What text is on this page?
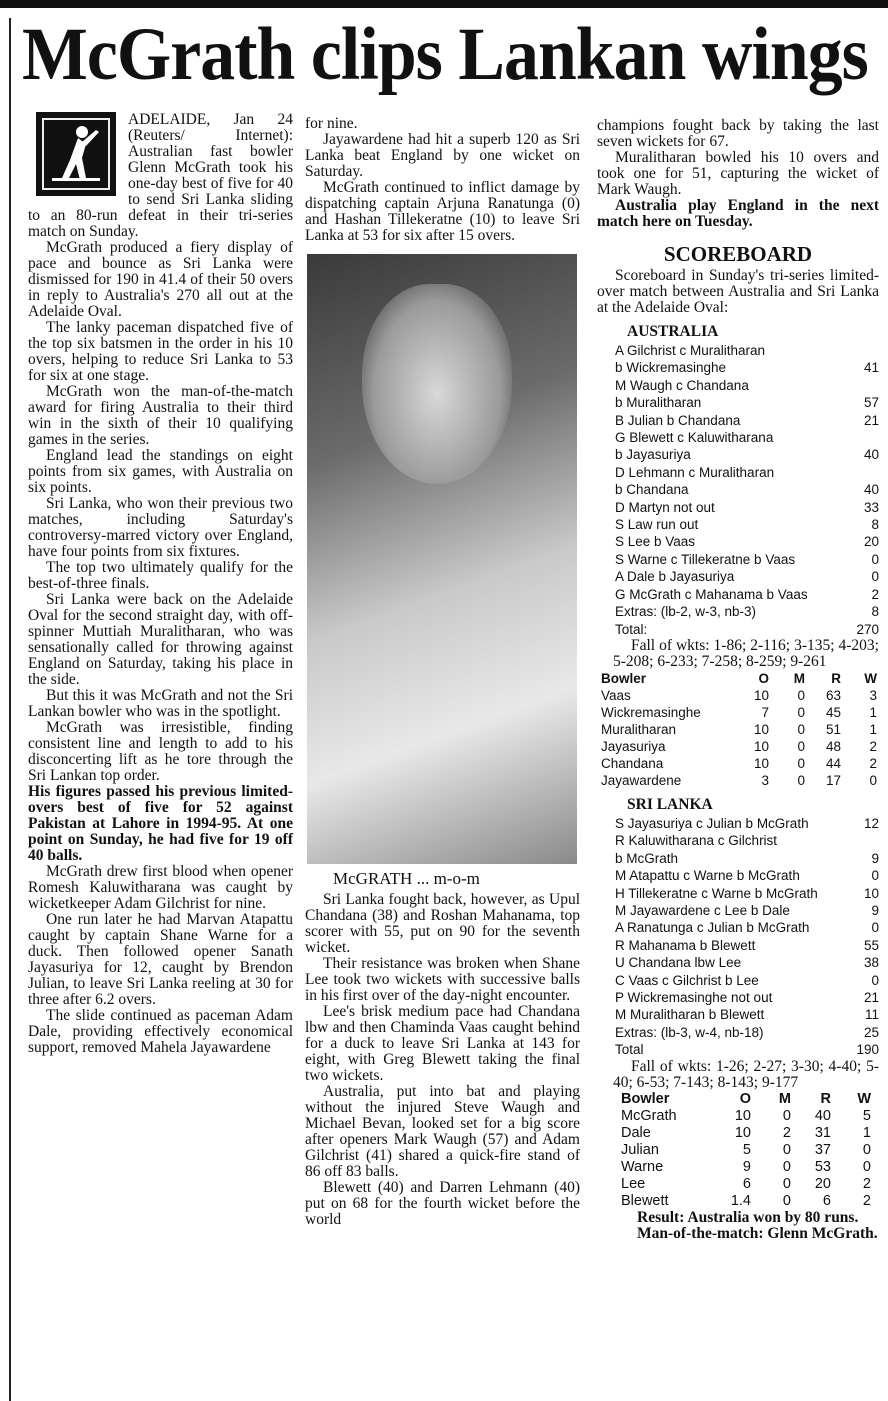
McGrath clips Lankan wings

ADELAIDE, Jan 24 (Reuters/ Internet): Australian fast bowler Glenn McGrath took his one-day best of five for 40 to send Sri Lanka sliding to an 80-run defeat in their tri-series match on Sunday.

McGrath produced a fiery display of pace and bounce as Sri Lanka were dismissed for 190 in 41.4 of their 50 overs in reply to Australia's 270 all out at the Adelaide Oval.

The lanky paceman dispatched five of the top six batsmen in the order in his 10 overs, helping to reduce Sri Lanka to 53 for six at one stage.

McGrath won the man-of-the-match award for firing Australia to their third win in the sixth of their 10 qualifying games in the series.

England lead the standings on eight points from six games, with Australia on six points.

Sri Lanka, who won their previous two matches, including Saturday's controversy-marred victory over England, have four points from six fixtures.

The top two ultimately qualify for the best-of-three finals.

Sri Lanka were back on the Adelaide Oval for the second straight day, with off-spinner Muttiah Muralitharan, who was sensationally called for throwing against England on Saturday, taking his place in the side.

But this it was McGrath and not the Sri Lankan bowler who was in the spotlight.

McGrath was irresistible, finding consistent line and length to add to his disconcerting lift as he tore through the Sri Lankan top order.

His figures passed his previous limited-overs best of five for 52 against Pakistan at Lahore in 1994-95. At one point on Sunday, he had five for 19 off 40 balls.

McGrath drew first blood when opener Romesh Kaluwitharana was caught by wicketkeeper Adam Gilchrist for nine.

One run later he had Marvan Atapattu caught by captain Shane Warne for a duck. Then followed opener Sanath Jayasuriya for 12, caught by Brendon Julian, to leave Sri Lanka reeling at 30 for three after 6.2 overs.

The slide continued as paceman Adam Dale, providing effectively economical support, removed Mahela Jayawardene

for nine.

Jayawardene had hit a superb 120 as Sri Lanka beat England by one wicket on Saturday.

McGrath continued to inflict damage by dispatching captain Arjuna Ranatunga (0) and Hashan Tillekeratne (10) to leave Sri Lanka at 53 for six after 15 overs.

McGRATH ... m-o-m

Sri Lanka fought back, however, as Upul Chandana (38) and Roshan Mahanama, top scorer with 55, put on 90 for the seventh wicket.

Their resistance was broken when Shane Lee took two wickets with successive balls in his first over of the day-night encounter.

Lee's brisk medium pace had Chandana lbw and then Chaminda Vaas caught behind for a duck to leave Sri Lanka at 143 for eight, with Greg Blewett taking the final two wickets.

Australia, put into bat and playing without the injured Steve Waugh and Michael Bevan, looked set for a big score after openers Mark Waugh (57) and Adam Gilchrist (41) shared a quick-fire stand of 86 off 83 balls.

Blewett (40) and Darren Lehmann (40) put on 68 for the fourth wicket before the world

champions fought back by taking the last seven wickets for 67.

Muralitharan bowled his 10 overs and took one for 51, capturing the wicket of Mark Waugh.

Australia play England in the next match here on Tuesday.

SCOREBOARD

Scoreboard in Sunday's tri-series limited-over match between Australia and Sri Lanka at the Adelaide Oval:

AUSTRALIA
A Gilchrist c Muralitharan
b Wickremasinghe	41
M Waugh c Chandana
b Muralitharan	57
B Julian b Chandana	21
G Blewett c Kaluwitharana
b Jayasuriya	40
D Lehmann c Muralitharan
b Chandana	40
D Martyn not out	33
S Law run out	8
S Lee b Vaas	20
S Warne c Tillekeratne b Vaas	0
A Dale b Jayasuriya	0
G McGrath c Mahanama b Vaas	2
Extras: (lb-2, w-3, nb-3)	8
Total:	270

Fall of wkts: 1-86; 2-116; 3-135; 4-203; 5-208; 6-233; 7-258; 8-259; 9-261

Bowler	O	M	R	W
Vaas	10	0	63	3
Wickremasinghe	7	0	45	1
Muralitharan	10	0	51	1
Jayasuriya	10	0	48	2
Chandana	10	0	44	2
Jayawardene	3	0	17	0
SRI LANKA
S Jayasuriya c Julian b McGrath	12
R Kaluwitharana c Gilchrist
b McGrath	9
M Atapattu c Warne b McGrath	0
H Tillekeratne c Warne b McGrath	10
M Jayawardene c Lee b Dale	9
A Ranatunga c Julian b McGrath	0
R Mahanama b Blewett	55
U Chandana lbw Lee	38
C Vaas c Gilchrist b Lee	0
P Wickremasinghe not out	21
M Muralitharan b Blewett	11
Extras: (lb-3, w-4, nb-18)	25
Total	190

Fall of wkts: 1-26; 2-27; 3-30; 4-40; 5-40; 6-53; 7-143; 8-143; 9-177

Bowler	O	M	R	W
McGrath	10	0	40	5
Dale	10	2	31	1
Julian	5	0	37	0
Warne	9	0	53	0
Lee	6	0	20	2
Blewett	1.4	0	6	2

Result: Australia won by 80 runs.

Man-of-the-match: Glenn McGrath.
